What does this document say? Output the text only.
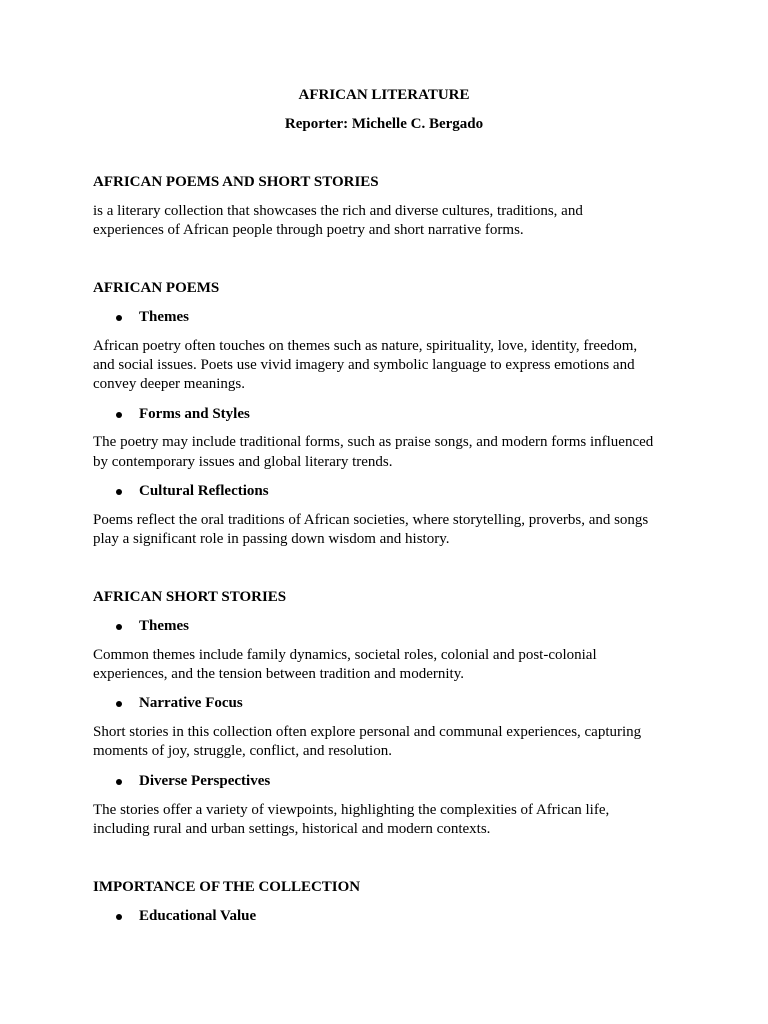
AFRICAN LITERATURE
Reporter: Michelle C. Bergado
AFRICAN POEMS AND SHORT STORIES
is a literary collection that showcases the rich and diverse cultures, traditions, and
experiences of African people through poetry and short narrative forms.
AFRICAN POEMS
Themes
African poetry often touches on themes such as nature, spirituality, love, identity, freedom,
and social issues. Poets use vivid imagery and symbolic language to express emotions and
convey deeper meanings.
Forms and Styles
The poetry may include traditional forms, such as praise songs, and modern forms influenced
by contemporary issues and global literary trends.
Cultural Reflections
Poems reflect the oral traditions of African societies, where storytelling, proverbs, and songs
play a significant role in passing down wisdom and history.
AFRICAN SHORT STORIES
Themes
Common themes include family dynamics, societal roles, colonial and post-colonial
experiences, and the tension between tradition and modernity.
Narrative Focus
Short stories in this collection often explore personal and communal experiences, capturing
moments of joy, struggle, conflict, and resolution.
Diverse Perspectives
The stories offer a variety of viewpoints, highlighting the complexities of African life,
including rural and urban settings, historical and modern contexts.
IMPORTANCE OF THE COLLECTION
Educational Value
